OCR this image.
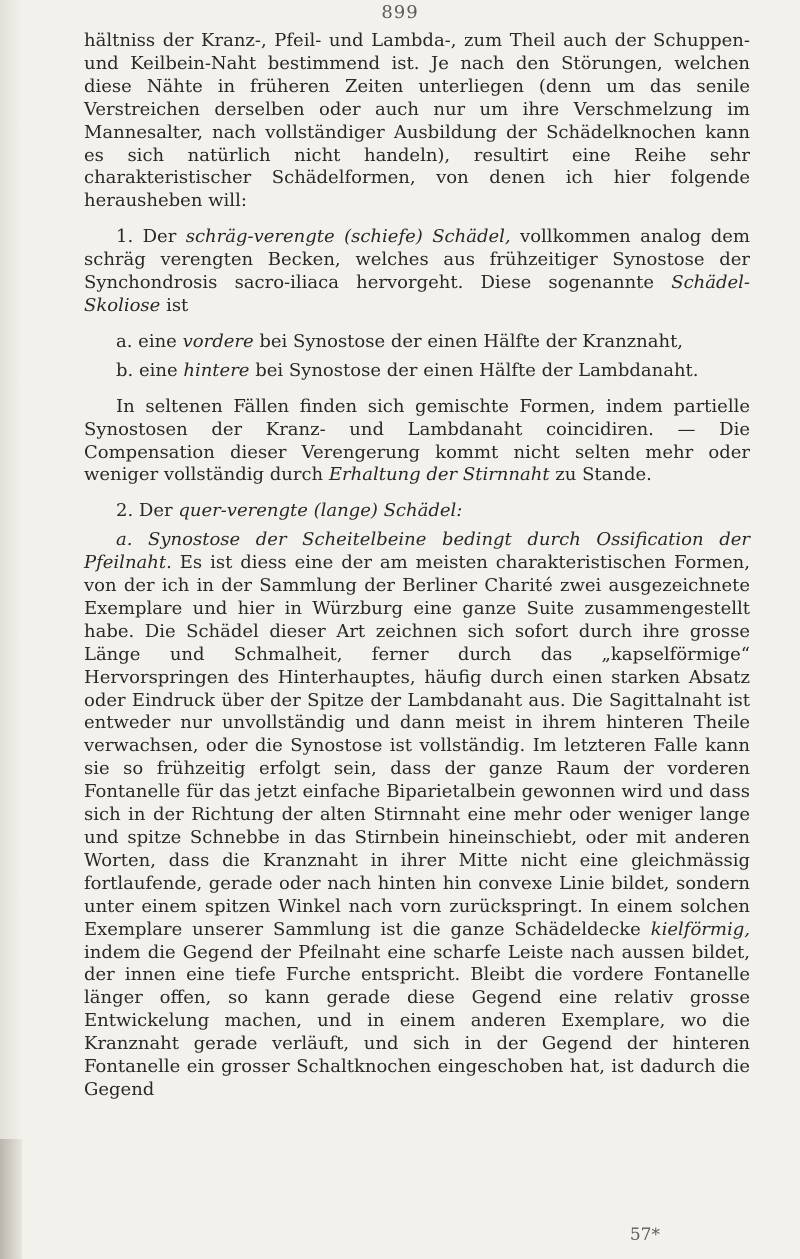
899

hältniss der Kranz-, Pfeil- und Lambda-, zum Theil auch der Schuppen- und Keilbein-Naht bestimmend ist. Je nach den Störungen, welchen diese Nähte in früheren Zeiten unterliegen (denn um das senile Verstreichen derselben oder auch nur um ihre Verschmelzung im Mannesalter, nach vollständiger Ausbildung der Schädelknochen kann es sich natürlich nicht handeln), resultirt eine Reihe sehr charakteristischer Schädelformen, von denen ich hier folgende herausheben will:

1. Der schräg-verengte (schiefe) Schädel, vollkommen analog dem schräg verengten Becken, welches aus frühzeitiger Synostose der Synchondrosis sacro-iliaca hervorgeht. Diese sogenannte Schädel-Skoliose ist

a. eine vordere bei Synostose der einen Hälfte der Kranznaht,

b. eine hintere bei Synostose der einen Hälfte der Lambdanaht.

In seltenen Fällen finden sich gemischte Formen, indem partielle Synostosen der Kranz- und Lambdanaht coincidiren. — Die Compensation dieser Verengerung kommt nicht selten mehr oder weniger vollständig durch Erhaltung der Stirnnaht zu Stande.

2. Der quer-verengte (lange) Schädel:

a. Synostose der Scheitelbeine bedingt durch Ossification der Pfeilnaht. Es ist diess eine der am meisten charakteristischen Formen, von der ich in der Sammlung der Berliner Charité zwei ausgezeichnete Exemplare und hier in Würzburg eine ganze Suite zusammengestellt habe. Die Schädel dieser Art zeichnen sich sofort durch ihre grosse Länge und Schmalheit, ferner durch das „kapselförmige“ Hervorspringen des Hinterhauptes, häufig durch einen starken Absatz oder Eindruck über der Spitze der Lambdanaht aus. Die Sagittalnaht ist entweder nur unvollständig und dann meist in ihrem hinteren Theile verwachsen, oder die Synostose ist vollständig. Im letzteren Falle kann sie so frühzeitig erfolgt sein, dass der ganze Raum der vorderen Fontanelle für das jetzt einfache Biparietalbein gewonnen wird und dass sich in der Richtung der alten Stirnnaht eine mehr oder weniger lange und spitze Schnebbe in das Stirnbein hineinschiebt, oder mit anderen Worten, dass die Kranznaht in ihrer Mitte nicht eine gleichmässig fortlaufende, gerade oder nach hinten hin convexe Linie bildet, sondern unter einem spitzen Winkel nach vorn zurückspringt. In einem solchen Exemplare unserer Sammlung ist die ganze Schädeldecke kielförmig, indem die Gegend der Pfeilnaht eine scharfe Leiste nach aussen bildet, der innen eine tiefe Furche entspricht. Bleibt die vordere Fontanelle länger offen, so kann gerade diese Gegend eine relativ grosse Entwickelung machen, und in einem anderen Exemplare, wo die Kranznaht gerade verläuft, und sich in der Gegend der hinteren Fontanelle ein grosser Schaltknochen eingeschoben hat, ist dadurch die Gegend

57*
